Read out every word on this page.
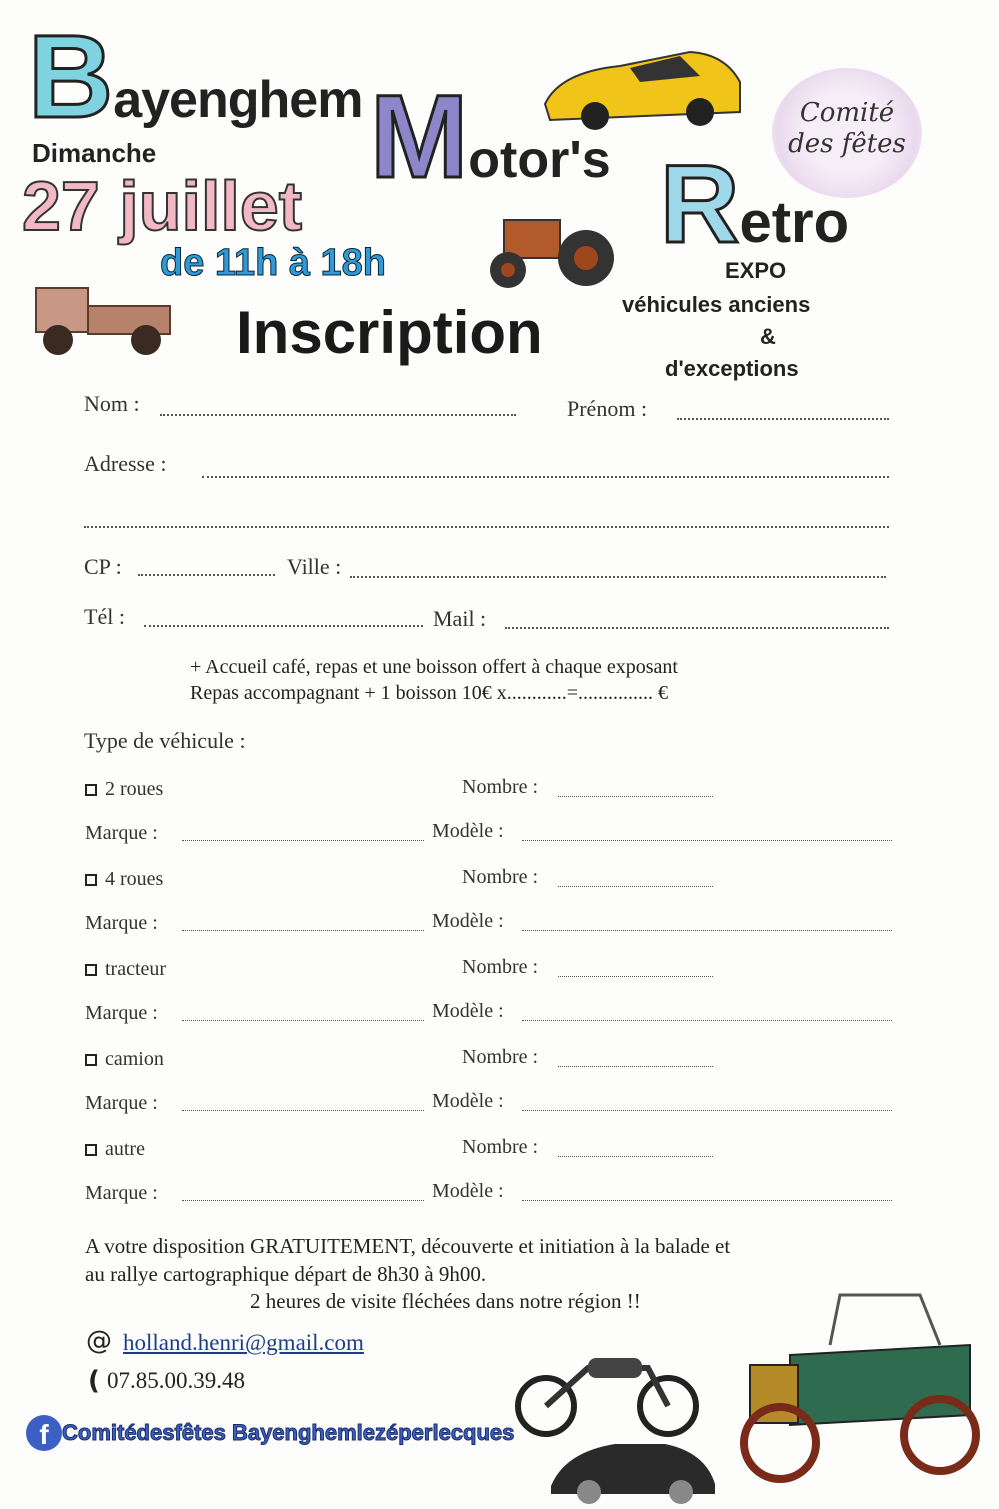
Bayenghem Motor's Retro
Dimanche
27 juillet
de 11h à 18h
Inscription
EXPO
véhicules anciens
&
d'exceptions
Comité des fêtes
Nom :	Prénom :
Adresse :
CP :	Ville :
Tél :	Mail :
+ Accueil café, repas et une boisson offert à chaque exposant
Repas accompagnant + 1 boisson 10€ x............=............... €
Type de véhicule :
2 roues	Nombre :
Marque :	Modèle :
4 roues	Nombre :
Marque :	Modèle :
tracteur	Nombre :
Marque :	Modèle :
camion	Nombre :
Marque :	Modèle :
autre	Nombre :
Marque :	Modèle :
A votre disposition GRATUITEMENT, découverte et initiation à la balade et
au rallye cartographique départ de 8h30 à 9h00.
2 heures de visite fléchées dans notre région !!
@ holland.henri@gmail.com
( 07.85.00.39.48
f Comitédesfêtes Bayenghemlezéperlecques
